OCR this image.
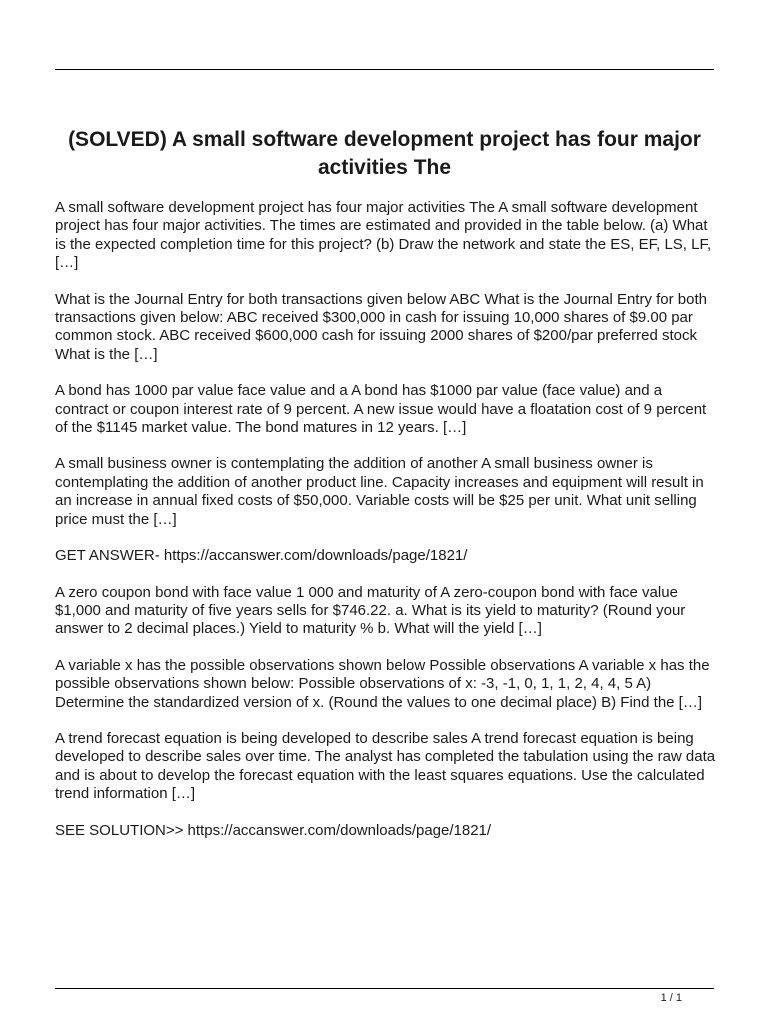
(SOLVED) A small software development project has four major activities The

A small software development project has four major activities The A small software development project has four major activities. The times are estimated and provided in the table below. (a) What is the expected completion time for this project? (b) Draw the network and state the ES, EF, LS, LF, […]

What is the Journal Entry for both transactions given below ABC What is the Journal Entry for both transactions given below: ABC received $300,000 in cash for issuing 10,000 shares of $9.00 par common stock. ABC received $600,000 cash for issuing 2000 shares of $200/par preferred stock What is the […]

A bond has 1000 par value face value and a A bond has $1000 par value (face value) and a contract or coupon interest rate of 9 percent. A new issue would have a floatation cost of 9 percent of the $1145 market value. The bond matures in 12 years. […]

A small business owner is contemplating the addition of another A small business owner is contemplating the addition of another product line. Capacity increases and equipment will result in an increase in annual fixed costs of $50,000. Variable costs will be $25 per unit. What unit selling price must the […]

GET ANSWER- https://accanswer.com/downloads/page/1821/

A zero coupon bond with face value 1 000 and maturity of A zero-coupon bond with face value $1,000 and maturity of five years sells for $746.22. a. What is its yield to maturity? (Round your answer to 2 decimal places.) Yield to maturity % b. What will the yield […]

A variable x has the possible observations shown below Possible observations A variable x has the possible observations shown below: Possible observations of x: -3, -1, 0, 1, 1, 2, 4, 4, 5 A) Determine the standardized version of x. (Round the values to one decimal place) B) Find the […]

A trend forecast equation is being developed to describe sales A trend forecast equation is being developed to describe sales over time. The analyst has completed the tabulation using the raw data and is about to develop the forecast equation with the least squares equations. Use the calculated trend information […]

SEE SOLUTION>> https://accanswer.com/downloads/page/1821/

1 / 1
